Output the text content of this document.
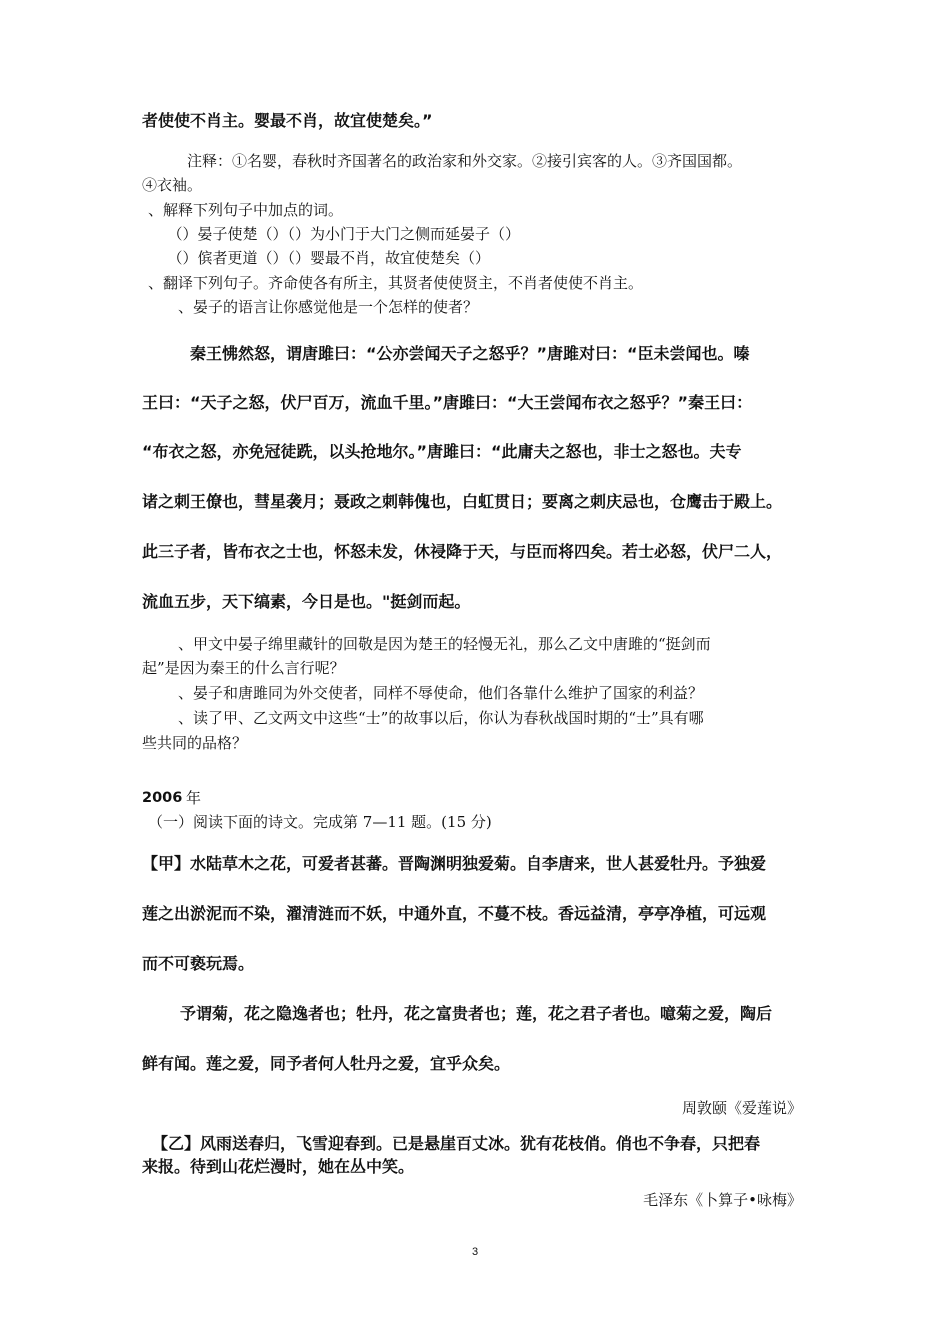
者使使不肖主。婴最不肖，故宜使楚矣。”
　　　注释：①名婴，春秋时齐国著名的政治家和外交家。②接引宾客的人。③齐国国都。
④衣袖。
、解释下列句子中加点的词。
　（）晏子使楚（）（）为小门于大门之侧而延晏子（）
　（）傧者更道（）（）婴最不肖，故宜使楚矣（）
、翻译下列句子。齐命使各有所主，其贤者使使贤主，不肖者使使不肖主。
　　、晏子的语言让你感觉他是一个怎样的使者？
　　秦王怫然怒，谓唐雎曰：“公亦尝闻天子之怒乎？”唐雎对曰：“臣未尝闻也。嗪
王曰：“天子之怒，伏尸百万，流血千里。”唐雎曰：“大王尝闻布衣之怒乎？”秦王曰：
“布衣之怒，亦免冠徒跣，以头抢地尔。”唐雎曰：“此庸夫之怒也，非士之怒也。夫专
诸之刺王僚也，彗星袭月；聂政之刺韩傀也，白虹贯日；要离之刺庆忌也，仓鹰击于殿上。
此三子者，皆布衣之士也，怀怒未发，休祲降于天，与臣而将四矣。若士必怒，伏尸二人，
流血五步，天下缟素，今日是也。"挺剑而起。
　　、甲文中晏子绵里藏针的回敬是因为楚王的轻慢无礼，那么乙文中唐雎的“挺剑而
起”是因为秦王的什么言行呢？
　　、晏子和唐雎同为外交使者，同样不辱使命，他们各靠什么维护了国家的利益？
　　、读了甲、乙文两文中这些“士”的故事以后，你认为春秋战国时期的“士”具有哪
些共同的品格？
2006 年
（一）阅读下面的诗文。完成第 7—11 题。(15 分)
【甲】水陆草木之花，可爱者甚蕃。晋陶渊明独爱菊。自李唐来，世人甚爱牡丹。予独爱
莲之出淤泥而不染，濯清涟而不妖，中通外直，不蔓不枝。香远益清，亭亭净植，可远观
而不可亵玩焉。
　　予谓菊，花之隐逸者也；牡丹，花之富贵者也；莲，花之君子者也。噫菊之爱，陶后
鲜有闻。莲之爱，同予者何人牡丹之爱，宜乎众矣。
周敦颐《爱莲说》
　【乙】风雨送春归，飞雪迎春到。已是悬崖百丈冰。犹有花枝俏。俏也不争春，只把春
来报。待到山花烂漫时，她在丛中笑。
毛泽东《卜算子•咏梅》
3
